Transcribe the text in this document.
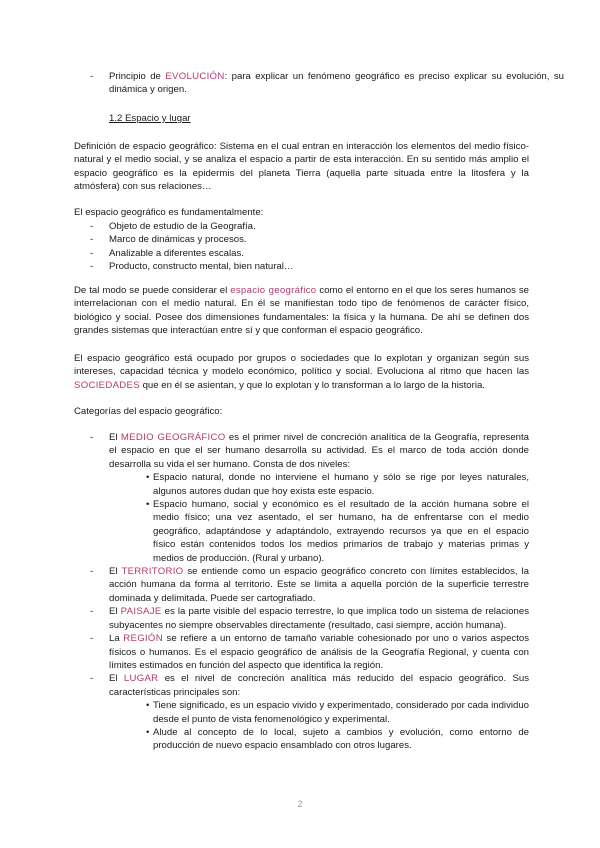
- Principio de EVOLUCIÓN: para explicar un fenómeno geográfico es preciso explicar su evolución, su dinámica y origen.
1.2 Espacio y lugar

Definición de espacio geográfico: Sistema en el cual entran en interacción los elementos del medio físico-natural y el medio social, y se analiza el espacio a partir de esta interacción. En su sentido más amplio el espacio geográfico es la epidermis del planeta Tierra (aquella parte situada entre la litosfera y la atmósfera) con sus relaciones…

El espacio geográfico es fundamentalmente:
- Objeto de estudio de la Geografía.
- Marco de dinámicas y procesos.
- Analizable a diferentes escalas.
- Producto, constructo mental, bien natural…

De tal modo se puede considerar el espacio geográfico como el entorno en el que los seres humanos se interrelacionan con el medio natural. En él se manifiestan todo tipo de fenómenos de carácter físico, biológico y social. Posee dos dimensiones fundamentales: la física y la humana. De ahí se definen dos grandes sistemas que interactúan entre sí y que conforman el espacio geográfico.

El espacio geográfico está ocupado por grupos o sociedades que lo explotan y organizan según sus intereses, capacidad técnica y modelo económico, político y social. Evoluciona al ritmo que hacen las SOCIEDADES que en él se asientan, y que lo explotan y lo transforman a lo largo de la historia.

Categorías del espacio geográfico:
- El MEDIO GEOGRÁFICO es el primer nivel de concreción analítica de la Geografía, representa el espacio en que el ser humano desarrolla su actividad. Es el marco de toda acción donde desarrolla su vida el ser humano. Consta de dos niveles:
• Espacio natural, donde no interviene el humano y sólo se rige por leyes naturales, algunos autores dudan que hoy exista este espacio.
• Espacio humano, social y económico es el resultado de la acción humana sobre el medio físico; una vez asentado, el ser humano, ha de enfrentarse con el medio geográfico, adaptándose y adaptándolo, extrayendo recursos ya que en el espacio físico están contenidos todos los medios primarios de trabajo y materias primas y medios de producción. (Rural y urbano).
- El TERRITORIO se entiende como un espacio geográfico concreto con límites establecidos, la acción humana da forma al territorio. Este se limita a aquella porción de la superficie terrestre dominada y delimitada. Puede ser cartografiado.
- El PAISAJE es la parte visible del espacio terrestre, lo que implica todo un sistema de relaciones subyacentes no siempre observables directamente (resultado, casi siempre, acción humana).
- La REGIÓN se refiere a un entorno de tamaño variable cohesionado por uno o varios aspectos físicos o humanos. Es el espacio geográfico de análisis de la Geografía Regional, y cuenta con límites estimados en función del aspecto que identifica la región.
- El LUGAR es el nivel de concreción analítica más reducido del espacio geográfico. Sus características principales son:
• Tiene significado, es un espacio vivido y experimentado, considerado por cada individuo desde el punto de vista fenomenológico y experimental.
• Alude al concepto de lo local, sujeto a cambios y evolución, como entorno de producción de nuevo espacio ensamblado con otros lugares.
2
